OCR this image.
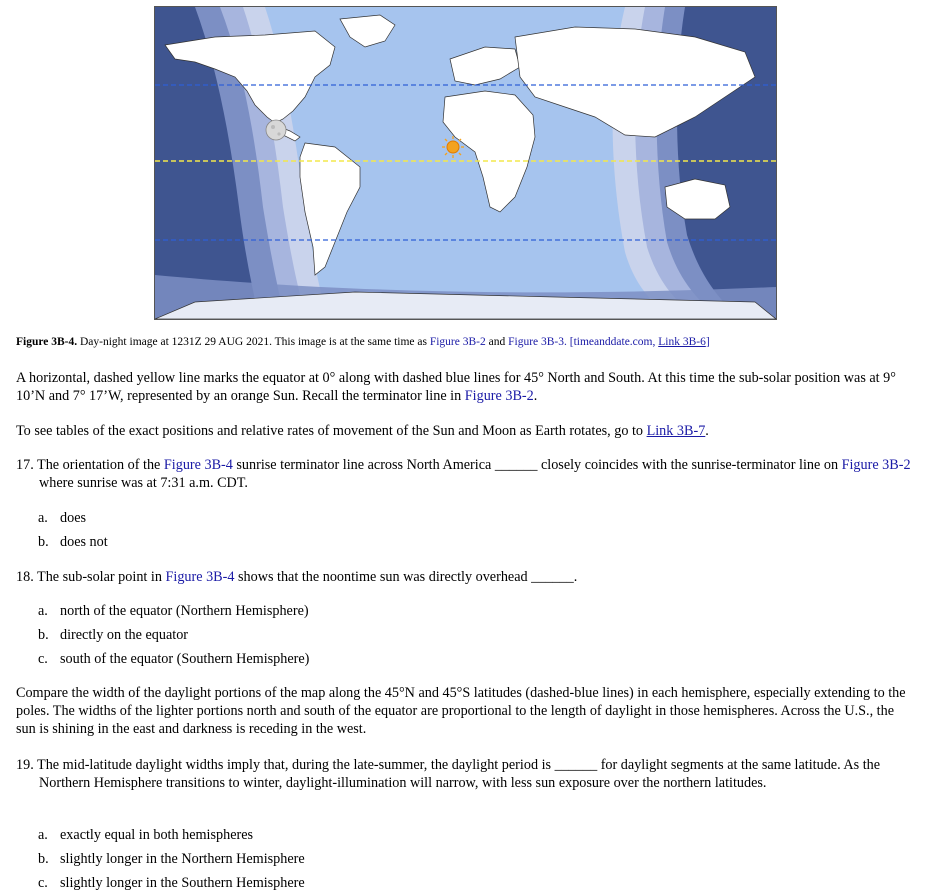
Figure 3B-4. Day-night image at 1231Z 29 AUG 2021. This image is at the same time as Figure 3B-2 and Figure 3B-3. [timeanddate.com, Link 3B-6]
A horizontal, dashed yellow line marks the equator at 0° along with dashed blue lines for 45° North and South. At this time the sub-solar position was at 9° 10’N and 7° 17’W, represented by an orange Sun. Recall the terminator line in Figure 3B-2.
To see tables of the exact positions and relative rates of movement of the Sun and Moon as Earth rotates, go to Link 3B-7.
17. The orientation of the Figure 3B-4 sunrise terminator line across North America ______ closely coincides with the sunrise-terminator line on Figure 3B-2 where sunrise was at 7:31 a.m. CDT.
a. does
b. does not
18. The sub-solar point in Figure 3B-4 shows that the noontime sun was directly overhead ______.
a. north of the equator (Northern Hemisphere)
b. directly on the equator
c. south of the equator (Southern Hemisphere)
Compare the width of the daylight portions of the map along the 45°N and 45°S latitudes (dashed-blue lines) in each hemisphere, especially extending to the poles. The widths of the lighter portions north and south of the equator are proportional to the length of daylight in those hemispheres. Across the U.S., the sun is shining in the east and darkness is receding in the west.
19. The mid-latitude daylight widths imply that, during the late-summer, the daylight period is ______ for daylight segments at the same latitude. As the Northern Hemisphere transitions to winter, daylight-illumination will narrow, with less sun exposure over the northern latitudes.
a. exactly equal in both hemispheres
b. slightly longer in the Northern Hemisphere
c. slightly longer in the Southern Hemisphere
